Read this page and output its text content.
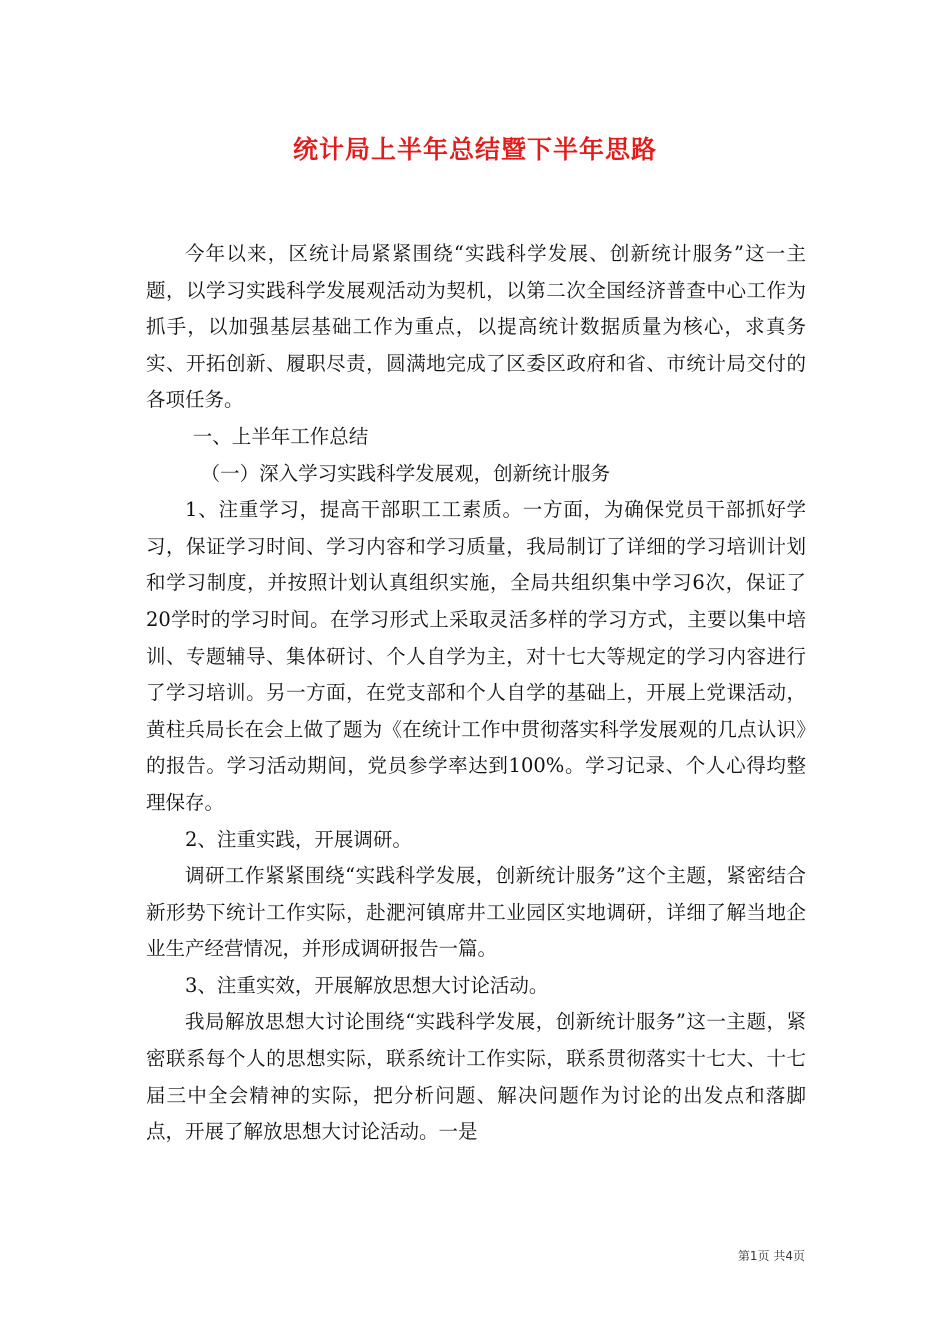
统计局上半年总结暨下半年思路

今年以来，区统计局紧紧围绕“实践科学发展、创新统计服务”这一主题，以学习实践科学发展观活动为契机，以第二次全国经济普查中心工作为抓手，以加强基层基础工作为重点，以提高统计数据质量为核心，求真务实、开拓创新、履职尽责，圆满地完成了区委区政府和省、市统计局交付的各项任务。

一、上半年工作总结

（一）深入学习实践科学发展观，创新统计服务

1、注重学习，提高干部职工工素质。一方面，为确保党员干部抓好学习，保证学习时间、学习内容和学习质量，我局制订了详细的学习培训计划和学习制度，并按照计划认真组织实施，全局共组织集中学习6次，保证了20学时的学习时间。在学习形式上采取灵活多样的学习方式，主要以集中培训、专题辅导、集体研讨、个人自学为主，对十七大等规定的学习内容进行了学习培训。另一方面，在党支部和个人自学的基础上，开展上党课活动，黄柱兵局长在会上做了题为《在统计工作中贯彻落实科学发展观的几点认识》的报告。学习活动期间，党员参学率达到100%。学习记录、个人心得均整理保存。

2、注重实践，开展调研。

调研工作紧紧围绕“实践科学发展，创新统计服务”这个主题，紧密结合新形势下统计工作实际，赴淝河镇席井工业园区实地调研，详细了解当地企业生产经营情况，并形成调研报告一篇。

3、注重实效，开展解放思想大讨论活动。

我局解放思想大讨论围绕“实践科学发展，创新统计服务”这一主题，紧密联系每个人的思想实际，联系统计工作实际，联系贯彻落实十七大、十七届三中全会精神的实际，把分析问题、解决问题作为讨论的出发点和落脚点，开展了解放思想大讨论活动。一是

第1页 共4页
